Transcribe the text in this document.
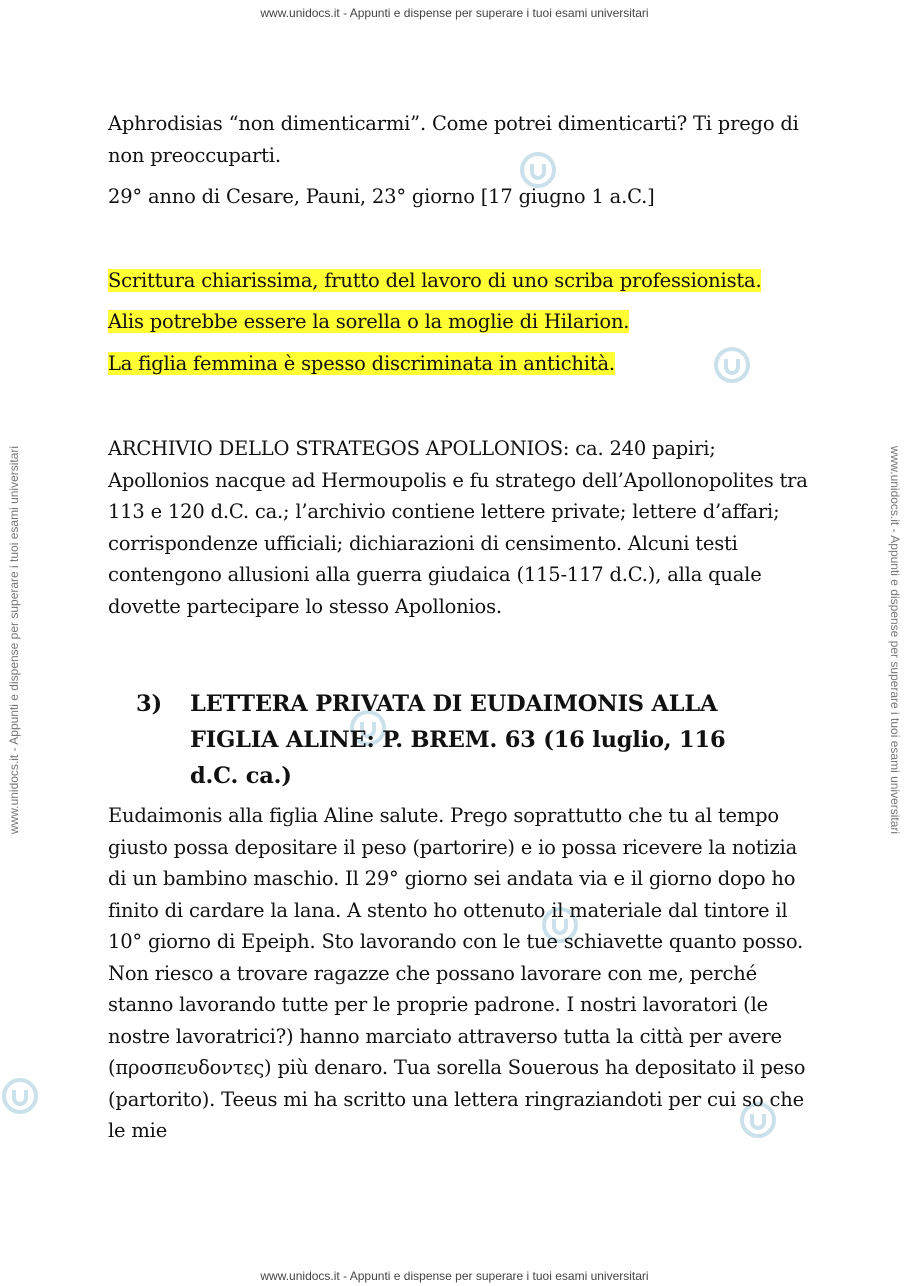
www.unidocs.it - Appunti e dispense per superare i tuoi esami universitari
www.unidocs.it - Appunti e dispense per superare i tuoi esami universitari	www.unidocs.it - Appunti e dispense per superare i tuoi esami universitari

Aphrodisias “non dimenticarmi”. Come potrei dimenticarti? Ti prego di non preoccuparti.

29° anno di Cesare, Pauni, 23° giorno [17 giugno 1 a.C.]

Scrittura chiarissima, frutto del lavoro di uno scriba professionista.
Alis potrebbe essere la sorella o la moglie di Hilarion.
La figlia femmina è spesso discriminata in antichità.

ARCHIVIO DELLO STRATEGOS APOLLONIOS: ca. 240 papiri; Apollonios nacque ad Hermoupolis e fu stratego dell’Apollonopolites tra 113 e 120 d.C. ca.; l’archivio contiene lettere private; lettere d’affari; corrispondenze ufficiali; dichiarazioni di censimento. Alcuni testi contengono allusioni alla guerra giudaica (115-117 d.C.), alla quale dovette partecipare lo stesso Apollonios.

3)	LETTERA PRIVATA DI EUDAIMONIS ALLA FIGLIA ALINE: P. BREM. 63 (16 luglio, 116 d.C. ca.)

Eudaimonis alla figlia Aline salute. Prego soprattutto che tu al tempo giusto possa depositare il peso (partorire) e io possa ricevere la notizia di un bambino maschio. Il 29° giorno sei andata via e il giorno dopo ho finito di cardare la lana. A stento ho ottenuto il materiale dal tintore il 10° giorno di Epeiph. Sto lavorando con le tue schiavette quanto posso. Non riesco a trovare ragazze che possano lavorare con me, perché stanno lavorando tutte per le proprie padrone. I nostri lavoratori (le nostre lavoratrici?) hanno marciato attraverso tutta la città per avere (προσπευδοντες) più denaro. Tua sorella Souerous ha depositato il peso (partorito). Teeus mi ha scritto una lettera ringraziandoti per cui so che le mie

www.unidocs.it - Appunti e dispense per superare i tuoi esami universitari
